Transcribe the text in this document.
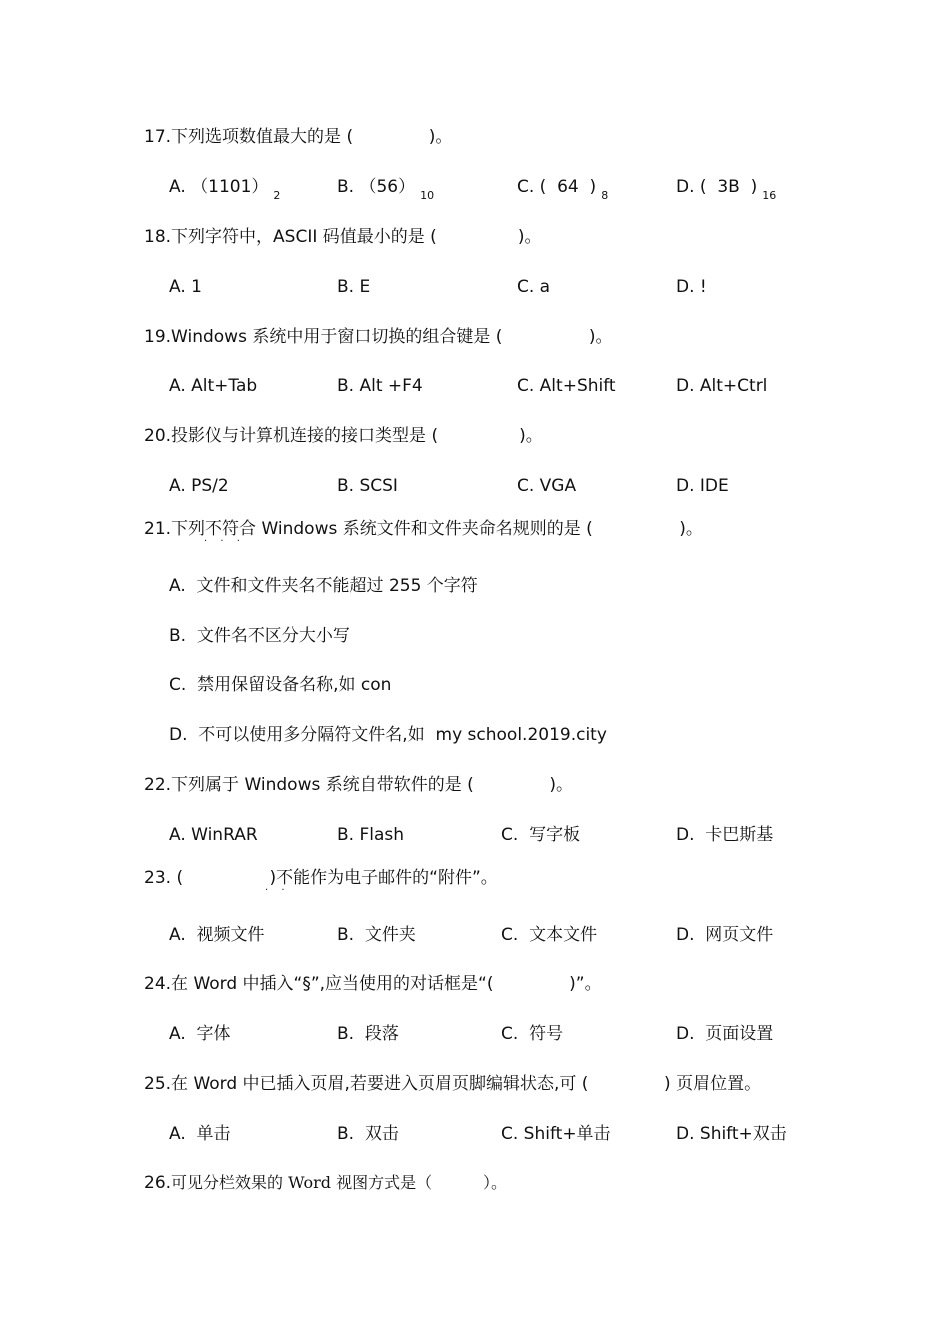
17.下列选项数值最大的是 (              )。
A. （1101） $_2$	B. （56） $_{10}$	C. (  64  ) $_8$	D. (  3B  ) $_{16}$
18.下列字符中，ASCII 码值最小的是 (               )。
A. 1	B. E	C. a	D. !
19.Windows 系统中用于窗口切换的组合键是 (                )。
A. Alt+Tab	B. Alt +F4	C. Alt+Shift	D. Alt+Ctrl
20.投影仪与计算机连接的接口类型是 (               )。
A. PS/2	B. SCSI	C. VGA	D. IDE
21.下列不符合 Windows 系统文件和文件夹命名规则的是 (                )。
· · ·
A.  文件和文件夹名不能超过 255 个字符
B.  文件名不区分大小写
C.  禁用保留设备名称,如 con
D.  不可以使用多分隔符文件名,如  my school.2019.city
22.下列属于 Windows 系统自带软件的是 (              )。
A. WinRAR	B. Flash	C.  写字板	D.  卡巴斯基
23. (                )不能作为电子邮件的“附件”。
· ·
A.  视频文件	B.  文件夹	C.  文本文件	D.  网页文件
24.在 Word 中插入“§”,应当使用的对话框是“(              )”。
A.  字体	B.  段落	C.  符号	D.  页面设置
25.在 Word 中已插入页眉,若要进入页眉页脚编辑状态,可 (              ) 页眉位置。
A.  单击	B.  双击	C. Shift+单击	D. Shift+双击
26.可见分栏效果的 Word 视图方式是（          ）。
